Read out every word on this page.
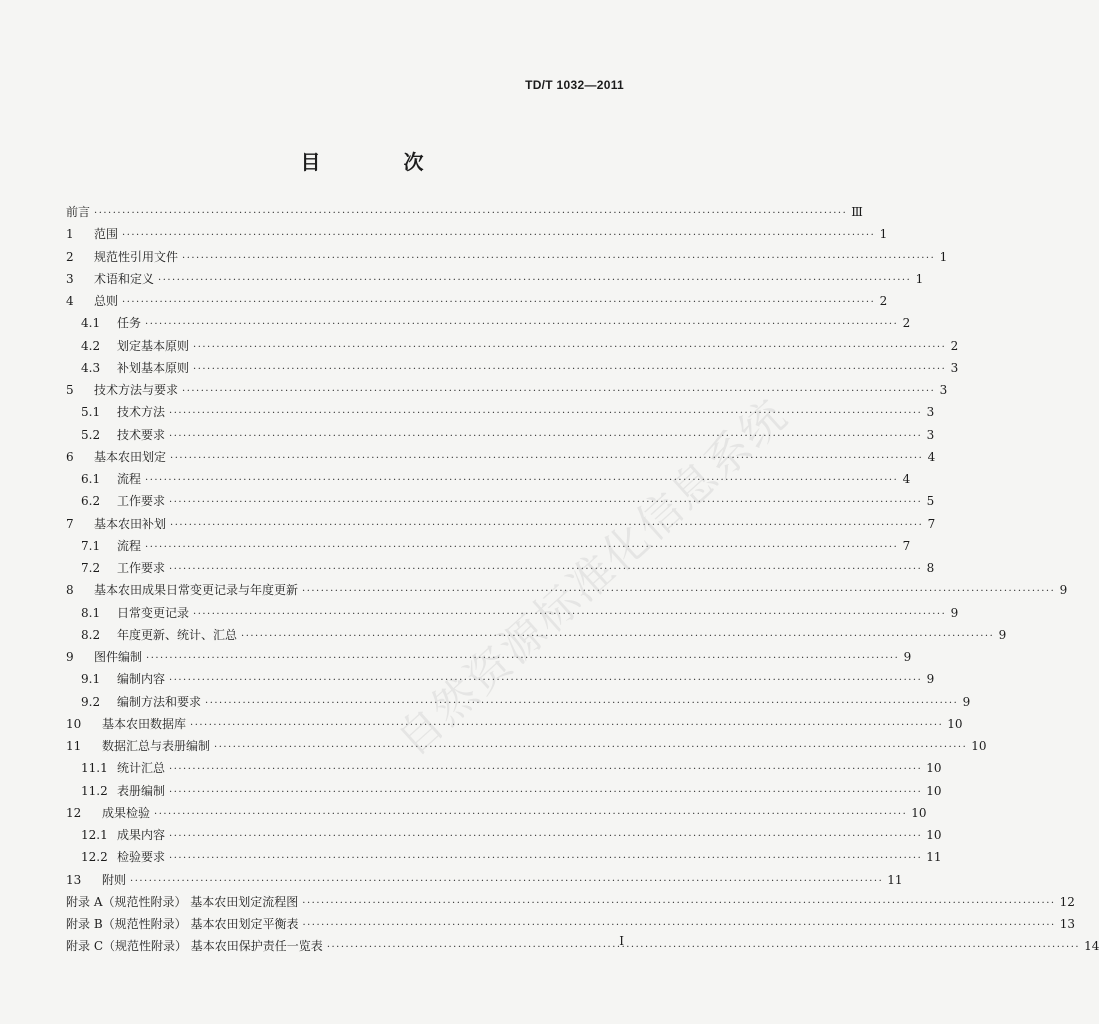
TD/T 1032—2011
目 次
前言 ·····	Ⅲ
1	范围 ·····	1
2	规范性引用文件 ·····	1
3	术语和定义 ·····	1
4	总则 ·····	2
4.1	任务 ·····	2
4.2	划定基本原则 ·····	2
4.3	补划基本原则 ·····	3
5	技术方法与要求 ·····	3
5.1	技术方法 ·····	3
5.2	技术要求 ·····	3
6	基本农田划定 ·····	4
6.1	流程 ·····	4
6.2	工作要求 ·····	5
7	基本农田补划 ·····	7
7.1	流程 ·····	7
7.2	工作要求 ·····	8
8	基本农田成果日常变更记录与年度更新 ·····	9
8.1	日常变更记录 ·····	9
8.2	年度更新、统计、汇总 ·····	9
9	图件编制 ·····	9
9.1	编制内容 ·····	9
9.2	编制方法和要求 ·····	9
10	基本农田数据库 ·····	10
11	数据汇总与表册编制 ·····	10
11.1 统计汇总 ·····	10
11.2 表册编制 ·····	10
12	成果检验 ·····	10
12.1 成果内容 ·····	10
12.2 检验要求 ·····	11
13	附则 ·····	11
附录 A（规范性附录） 基本农田划定流程图 ·····	12
附录 B（规范性附录） 基本农田划定平衡表 ·····	13
附录 C（规范性附录） 基本农田保护责任一览表 ·····	14
I
自然资源标准化信息系统
